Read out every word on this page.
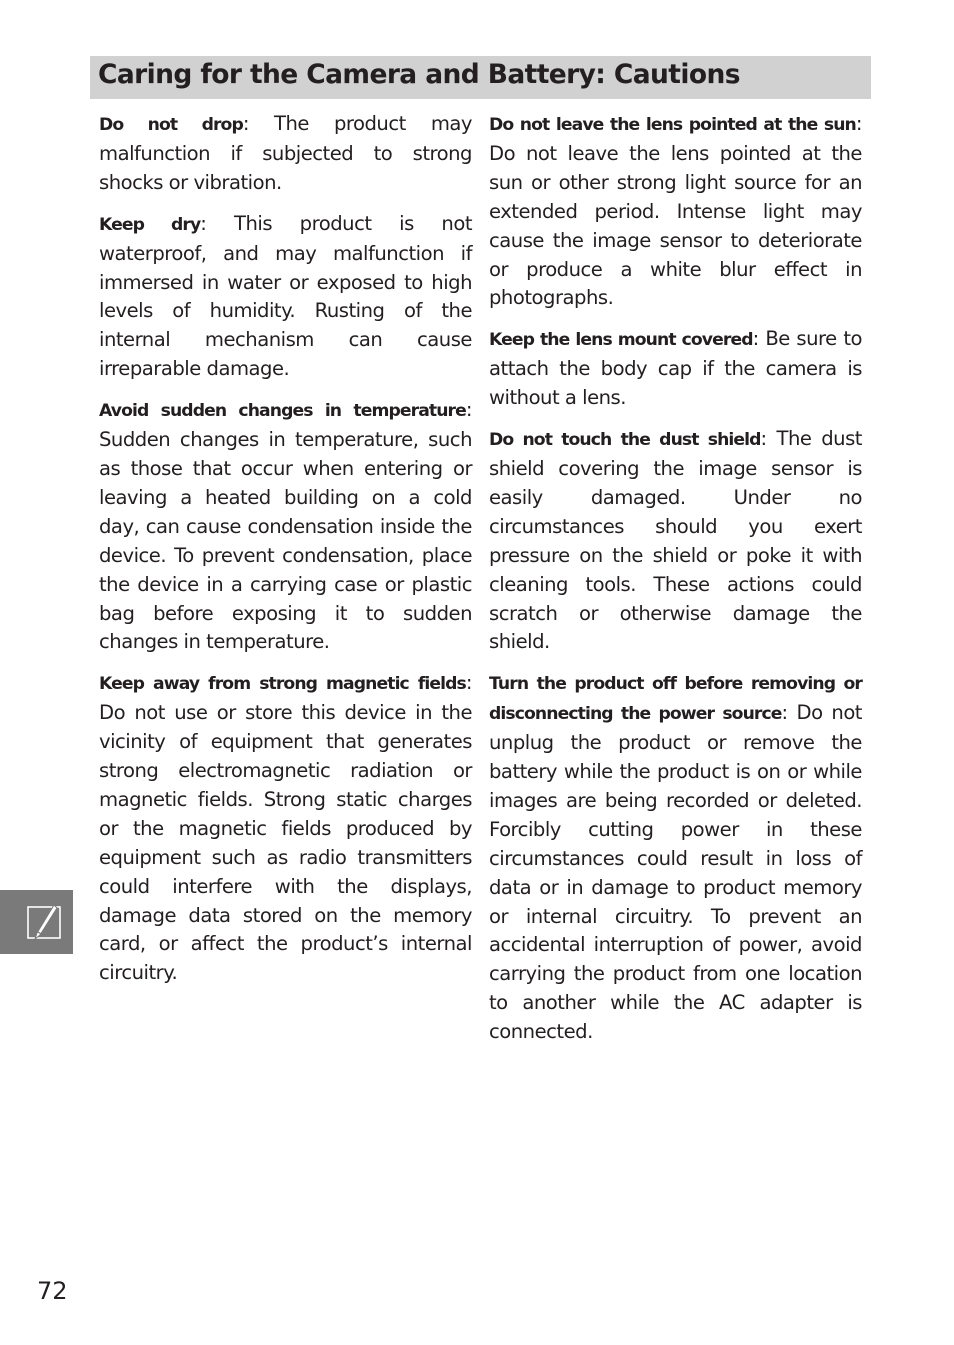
Caring for the Camera and Battery: Cautions

Do not drop: The product may malfunction if subjected to strong shocks or vibration.

Keep dry: This product is not waterproof, and may malfunction if immersed in water or exposed to high levels of humidity. Rusting of the internal mechanism can cause irreparable damage.

Avoid sudden changes in temperature: Sudden changes in temperature, such as those that occur when entering or leaving a heated building on a cold day, can cause condensation inside the device. To prevent condensation, place the device in a carrying case or plastic bag before exposing it to sudden changes in temperature.

Keep away from strong magnetic fields: Do not use or store this device in the vicinity of equipment that generates strong electromagnetic radiation or magnetic fields. Strong static charges or the magnetic fields produced by equipment such as radio transmitters could interfere with the displays, damage data stored on the memory card, or affect the product’s internal circuitry.

Do not leave the lens pointed at the sun: Do not leave the lens pointed at the sun or other strong light source for an extended period. Intense light may cause the image sensor to deteriorate or produce a white blur effect in photographs.

Keep the lens mount covered: Be sure to attach the body cap if the camera is without a lens.

Do not touch the dust shield: The dust shield covering the image sensor is easily damaged. Under no circumstances should you exert pressure on the shield or poke it with cleaning tools. These actions could scratch or otherwise damage the shield.

Turn the product off before removing or disconnecting the power source: Do not unplug the product or remove the battery while the product is on or while images are being recorded or deleted. Forcibly cutting power in these circumstances could result in loss of data or in damage to product memory or internal circuitry. To prevent an accidental interruption of power, avoid carrying the product from one location to another while the AC adapter is connected.

72
